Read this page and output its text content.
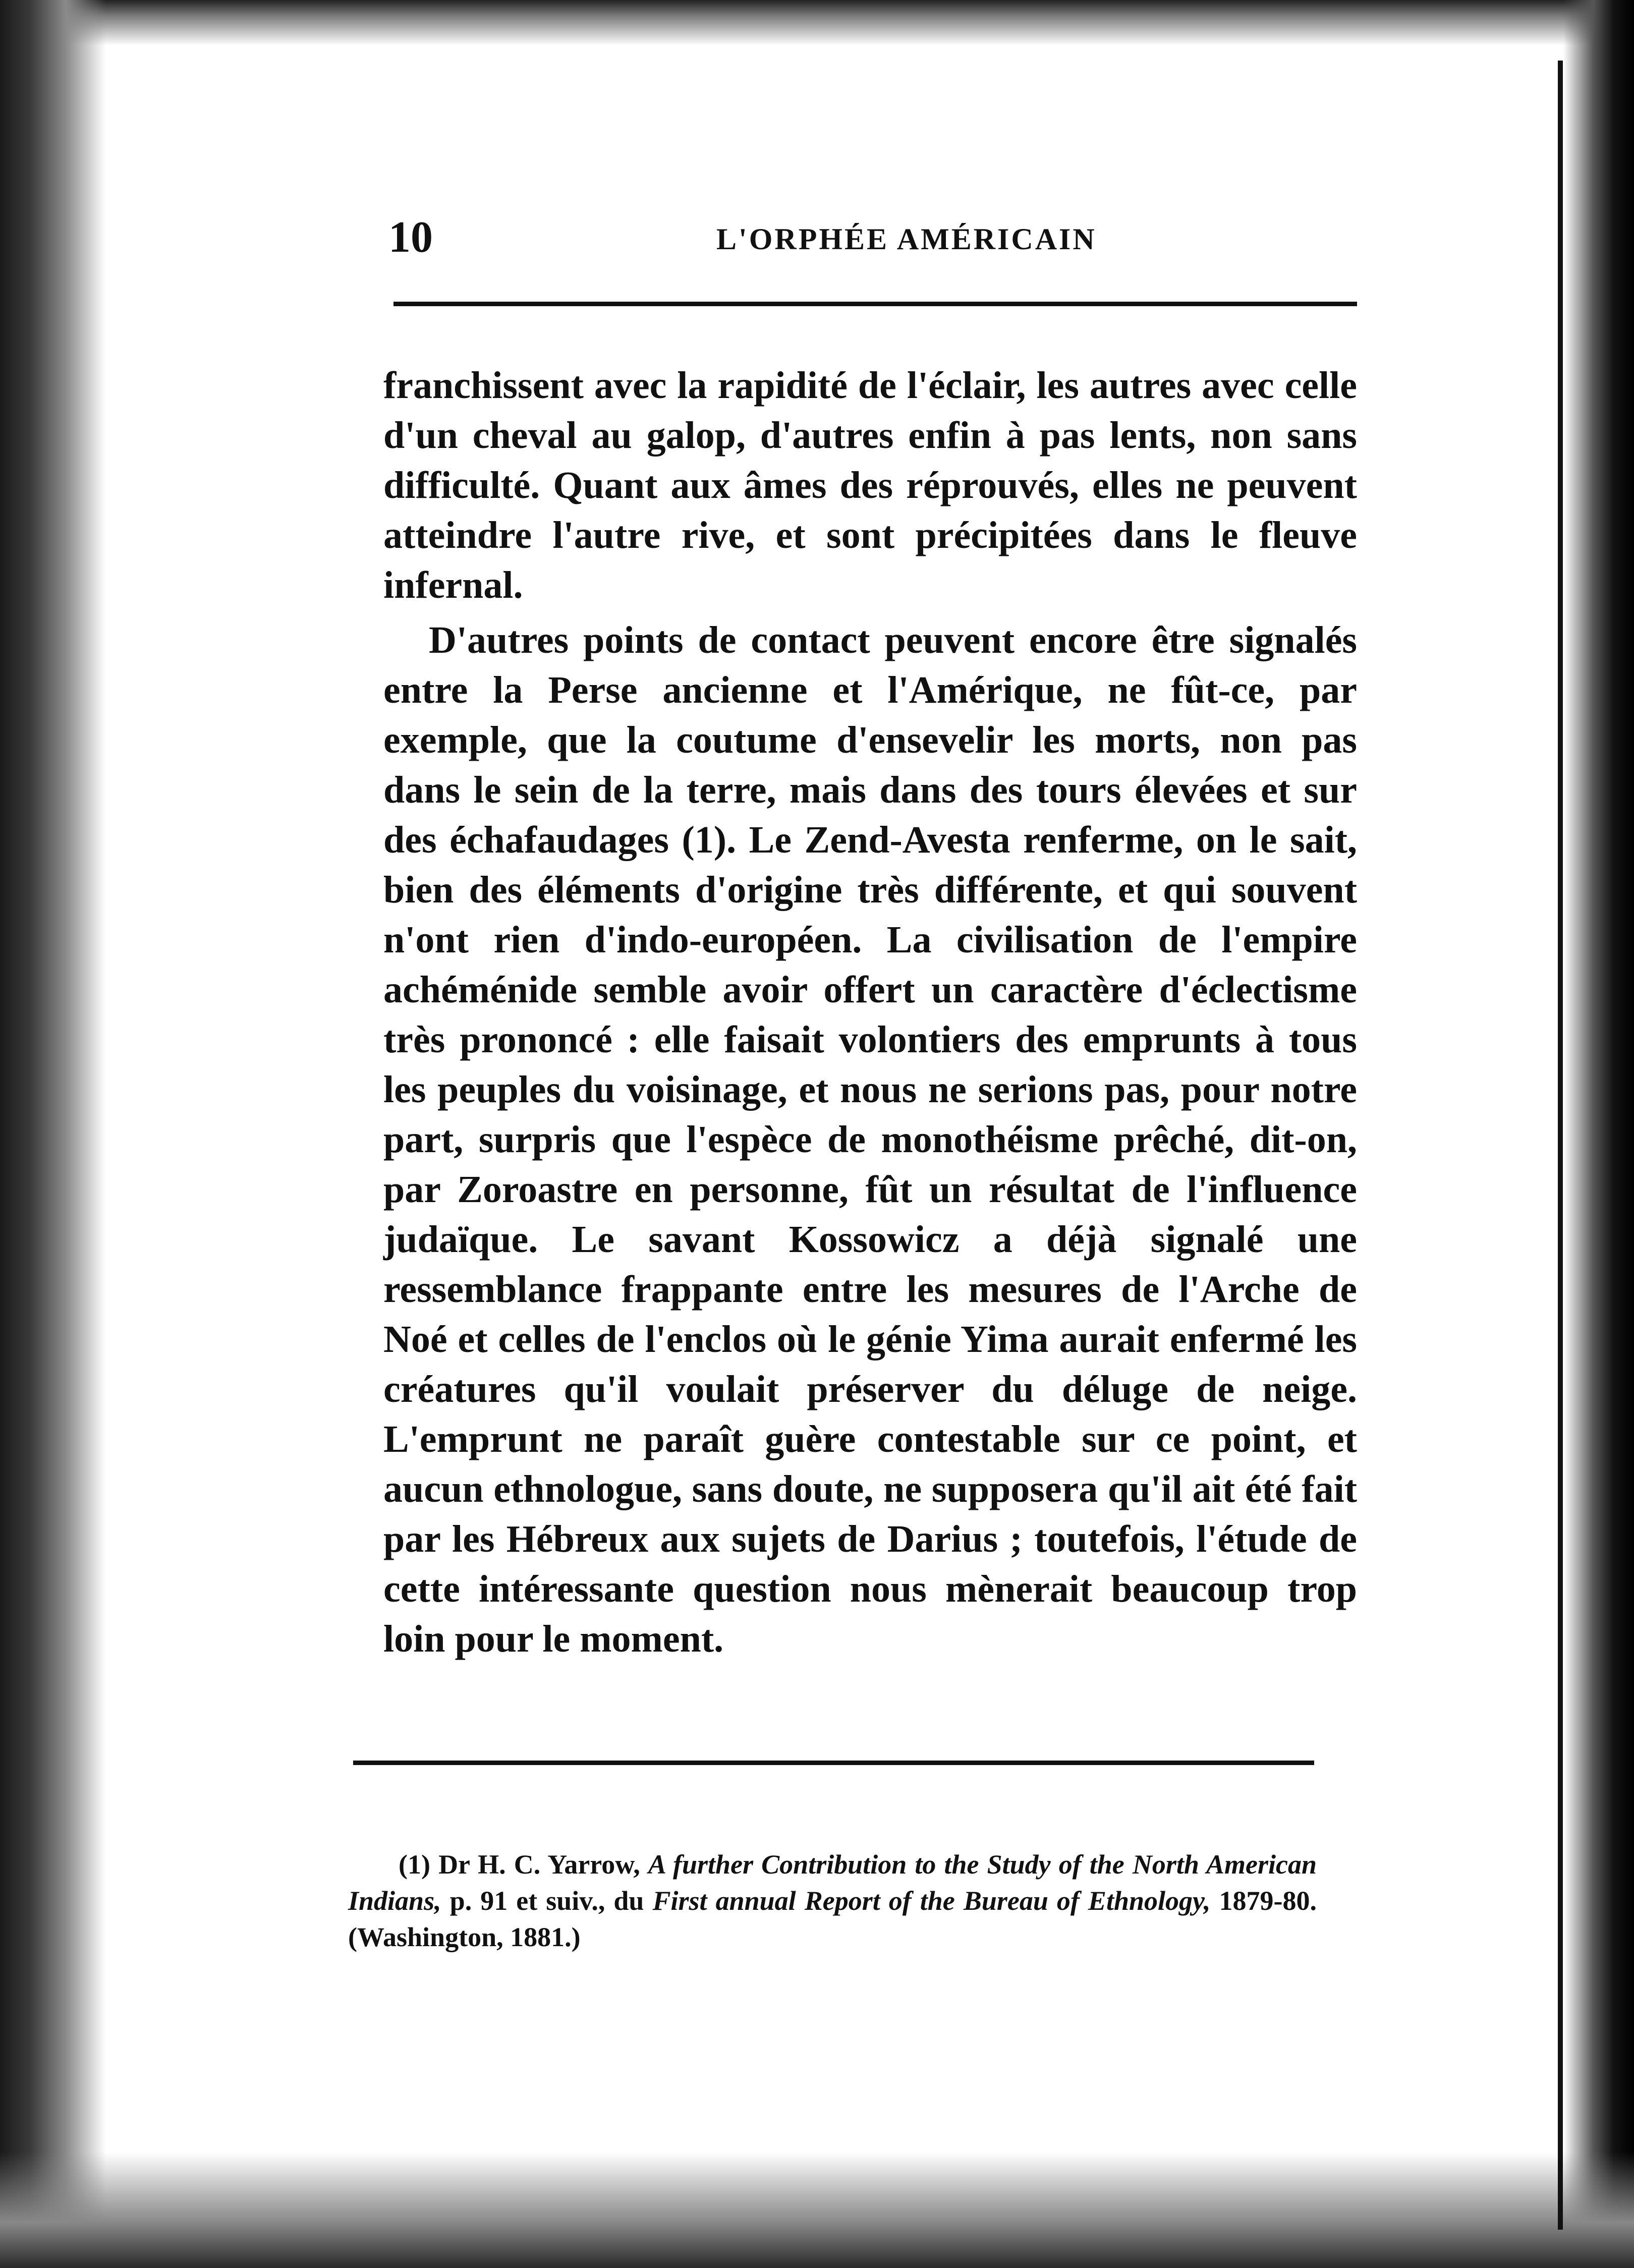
10	L'ORPHÉE AMÉRICAIN

franchissent avec la rapidité de l'éclair, les autres avec celle d'un cheval au galop, d'autres enfin à pas lents, non sans difficulté. Quant aux âmes des réprouvés, elles ne peuvent atteindre l'autre rive, et sont précipitées dans le fleuve infernal.

D'autres points de contact peuvent encore être signalés entre la Perse ancienne et l'Amérique, ne fût-ce, par exemple, que la coutume d'ensevelir les morts, non pas dans le sein de la terre, mais dans des tours élevées et sur des échafaudages (1). Le Zend-Avesta renferme, on le sait, bien des éléments d'origine très différente, et qui souvent n'ont rien d'indo-européen. La civilisation de l'empire achéménide semble avoir offert un caractère d'éclectisme très prononcé : elle faisait volontiers des emprunts à tous les peuples du voisinage, et nous ne serions pas, pour notre part, surpris que l'espèce de monothéisme prêché, dit-on, par Zoroastre en personne, fût un résultat de l'influence judaïque. Le savant Kossowicz a déjà signalé une ressemblance frappante entre les mesures de l'Arche de Noé et celles de l'enclos où le génie Yima aurait enfermé les créatures qu'il voulait préserver du déluge de neige. L'emprunt ne paraît guère contestable sur ce point, et aucun ethnologue, sans doute, ne supposera qu'il ait été fait par les Hébreux aux sujets de Darius ; toutefois, l'étude de cette intéressante question nous mènerait beaucoup trop loin pour le moment.

(1) Dr H. C. Yarrow, A further Contribution to the Study of the North American Indians, p. 91 et suiv., du First annual Report of the Bureau of Ethnology, 1879-80. (Washington, 1881.)
